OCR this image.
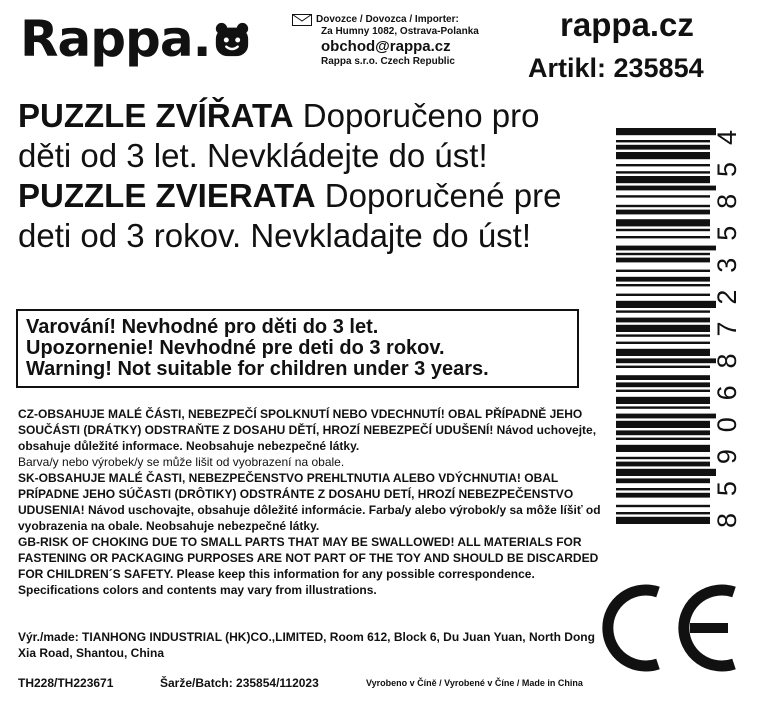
Rappa.	Dovozce / Dovozca / Importer:
Za Humny 1082, Ostrava-Polanka
obchod@rappa.cz
Rappa s.r.o. Czech Republic
rappa.cz
Artikl: 235854
PUZZLE ZVÍŘATA Doporučeno pro děti od 3 let. Nevkládejte do úst!
PUZZLE ZVIERATA Doporučené pre deti od 3 rokov. Nevkladajte do úst!
Varování! Nevhodné pro děti do 3 let.
Upozornenie! Nevhodné pre deti do 3 rokov.
Warning! Not suitable for children under 3 years.

CZ-OBSAHUJE MALÉ ČÁSTI, NEBEZPEČÍ SPOLKNUTÍ NEBO VDECHNUTÍ! OBAL PŘÍPADNĚ JEHO SOUČÁSTI (DRÁTKY) ODSTRAŇTE Z DOSAHU DĚTÍ, HROZÍ NEBEZPEČÍ UDUŠENÍ! Návod uchovejte, obsahuje důležité informace. Neobsahuje nebezpečné látky.

Barva/y nebo výrobek/y se může lišit od vyobrazení na obale.

SK-OBSAHUJE MALÉ ČASTI, NEBEZPEČENSTVO PREHLTNUTIA ALEBO VDÝCHNUTIA! OBAL PRÍPADNE JEHO SÚČASTI (DRÔTIKY) ODSTRÁNTE Z DOSAHU DETÍ, HROZÍ NEBEZPEČENSTVO UDUSENIA! Návod uschovajte, obsahuje dôležité informácie. Farba/y alebo výrobok/y sa môže líšiť od vyobrazenia na obale. Neobsahuje nebezpečné látky.

GB-RISK OF CHOKING DUE TO SMALL PARTS THAT MAY BE SWALLOWED! ALL MATERIALS FOR FASTENING OR PACKAGING PURPOSES ARE NOT PART OF THE TOY AND SHOULD BE DISCARDED FOR CHILDREN´S SAFETY. Please keep this information for any possible correspondence. Specifications colors and contents may vary from illustrations.

Výr./made: TIANHONG INDUSTRIAL (HK)CO.,LIMITED, Room 612, Block 6, Du Juan Yuan, North Dong Xia Road, Shantou, China
TH228/TH223671	Šarže/Batch: 235854/112023	Vyrobeno v Číně / Vyrobené v Číne / Made in China
8590687235854
